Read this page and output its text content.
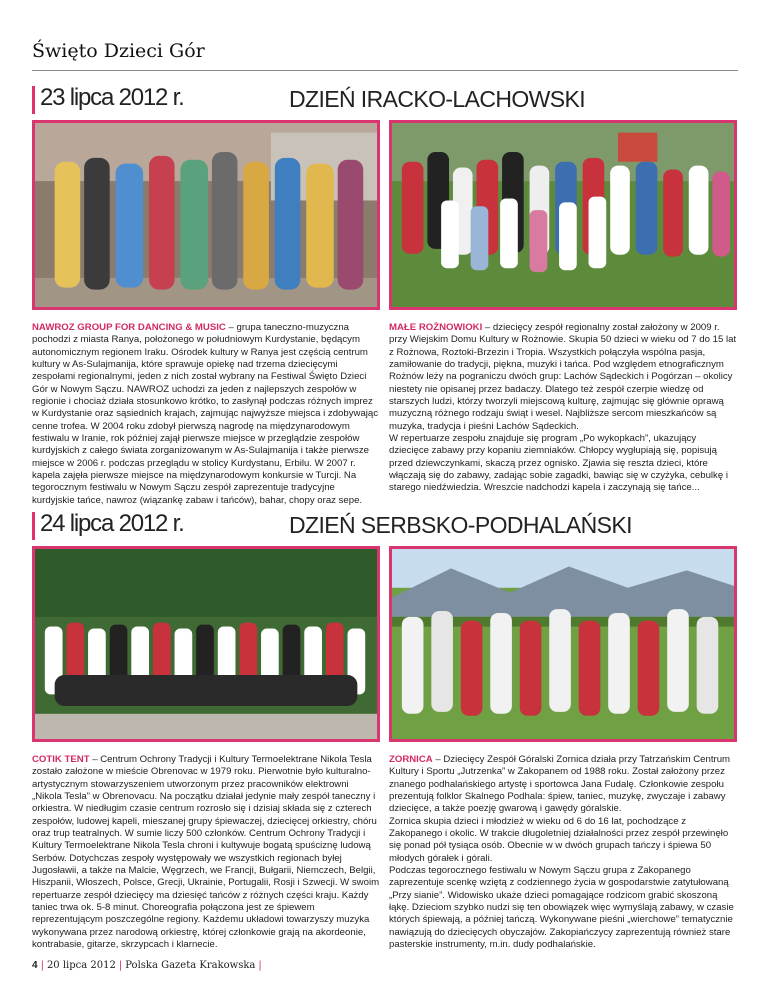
Święto Dzieci Gór
23 lipca 2012 r.	DZIEŃ IRACKO-LACHOWSKI

NAWROZ GROUP FOR DANCING & MUSIC – grupa taneczno-muzyczna pochodzi z miasta Ranya, położonego w południowym Kurdystanie, będącym autonomicznym regionem Iraku. Ośrodek kultury w Ranya jest częścią centrum kultury w As-Sulajmanija, które sprawuje opiekę nad trzema dziecięcymi zespołami regionalnymi, jeden z nich został wybrany na Festiwal Święto Dzieci Gór w Nowym Sączu. NAWROZ uchodzi za jeden z najlepszych zespołów w regionie i chociaż działa stosunkowo krótko, to zasłynął podczas różnych imprez w Kurdystanie oraz sąsiednich krajach, zajmując najwyższe miejsca i zdobywając cenne trofea. W 2004 roku zdobył pierwszą nagrodę na międzynarodowym festiwalu w Iranie, rok później zajął pierwsze miejsce w przeglądzie zespołów kurdyjskich z całego świata zorganizowanym w As-Sulajmanija i także pierwsze miejsce w 2006 r. podczas przeglądu w stolicy Kurdystanu, Erbilu. W 2007 r. kapela zajęła pierwsze miejsce na międzynarodowym konkursie w Turcji. Na tegorocznym festiwalu w Nowym Sączu zespół zaprezentuje tradycyjne kurdyjskie tańce, nawroz (wiązankę zabaw i tańców), bahar, chopy oraz sepe.

MAŁE ROŻNOWIOKI – dziecięcy zespół regionalny został założony w 2009 r. przy Wiejskim Domu Kultury w Rożnowie. Skupia 50 dzieci w wieku od 7 do 15 lat z Rożnowa, Roztoki-Brzezin i Tropia. Wszystkich połączyła wspólna pasja, zamiłowanie do tradycji, piękna, muzyki i tańca. Pod względem etnograficznym Rożnów leży na pograniczu dwóch grup: Lachów Sądeckich i Pogórzan – okolicy niestety nie opisanej przez badaczy. Dlatego też zespół czerpie wiedzę od starszych ludzi, którzy tworzyli miejscową kulturę, zajmując się głównie oprawą muzyczną różnego rodzaju świąt i wesel. Najbliższe sercom mieszkańców są muzyka, tradycja i pieśni Lachów Sądeckich.

W repertuarze zespołu znajduje się program „Po wykopkach”, ukazujący dziecięce zabawy przy kopaniu ziemniaków. Chłopcy wygłupiają się, popisują przed dziewczynkami, skaczą przez ognisko. Zjawia się reszta dzieci, które włączają się do zabawy, zadając sobie zagadki, bawiąc się w czyżyka, cebulkę i starego niedźwiedzia. Wreszcie nadchodzi kapela i zaczynają się tańce...

24 lipca 2012 r.	DZIEŃ SERBSKO-PODHALAŃSKI

COTIK TENT – Centrum Ochrony Tradycji i Kultury Termoelektrane Nikola Tesla zostało założone w mieście Obrenovac w 1979 roku. Pierwotnie było kulturalno-artystycznym stowarzyszeniem utworzonym przez pracowników elektrowni „Nikola Tesla” w Obrenovacu. Na początku działał jedynie mały zespół taneczny i orkiestra. W niedługim czasie centrum rozrosło się i dzisiaj składa się z czterech zespołów, ludowej kapeli, mieszanej grupy śpiewaczej, dziecięcej orkiestry, chóru oraz trup teatralnych. W sumie liczy 500 członków. Centrum Ochrony Tradycji i Kultury Termoelektrane Nikola Tesla chroni i kultywuje bogatą spuściznę ludową Serbów. Dotychczas zespoły występowały we wszystkich regionach byłej Jugosławii, a także na Malcie, Węgrzech, we Francji, Bułgarii, Niemczech, Belgii, Hiszpanii, Włoszech, Polsce, Grecji, Ukrainie, Portugalii, Rosji i Szwecji. W swoim repertuarze zespół dziecięcy ma dziesięć tańców z różnych części kraju. Każdy taniec trwa ok. 5-8 minut. Choreografia połączona jest ze śpiewem reprezentującym poszczególne regiony. Każdemu układowi towarzyszy muzyka wykonywana przez narodową orkiestrę, której członkowie grają na akordeonie, kontrabasie, gitarze, skrzypcach i klarnecie.

ZORNICA – Dziecięcy Zespół Góralski Zornica działa przy Tatrzańskim Centrum Kultury i Sportu „Jutrzenka” w Zakopanem od 1988 roku. Został założony przez znanego podhalańskiego artystę i sportowca Jana Fudalę. Członkowie zespołu prezentują folklor Skalnego Podhala: śpiew, taniec, muzykę, zwyczaje i zabawy dziecięce, a także poezję gwarową i gawędy góralskie.

Zornica skupia dzieci i młodzież w wieku od 6 do 16 lat, pochodzące z Zakopanego i okolic. W trakcie długoletniej działalności przez zespół przewinęło się ponad pół tysiąca osób. Obecnie w w dwóch grupach tańczy i śpiewa 50 młodych górałek i górali.

Podczas tegorocznego festiwalu w Nowym Sączu grupa z Zakopanego zaprezentuje scenkę wziętą z codziennego życia w gospodarstwie zatytułowaną „Przy sianie”. Widowisko ukaże dzieci pomagające rodzicom grabić skoszoną łąkę. Dzieciom szybko nudzi się ten obowiązek więc wymyślają zabawy, w czasie których śpiewają, a później tańczą. Wykonywane pieśni „wierchowe” tematycznie nawiązują do dziecięcych obyczajów. Zakopiańczycy zaprezentują również stare pasterskie instrumenty, m.in. dudy podhalańskie.

4 | 20 lipca 2012 | Polska Gazeta Krakowska |
